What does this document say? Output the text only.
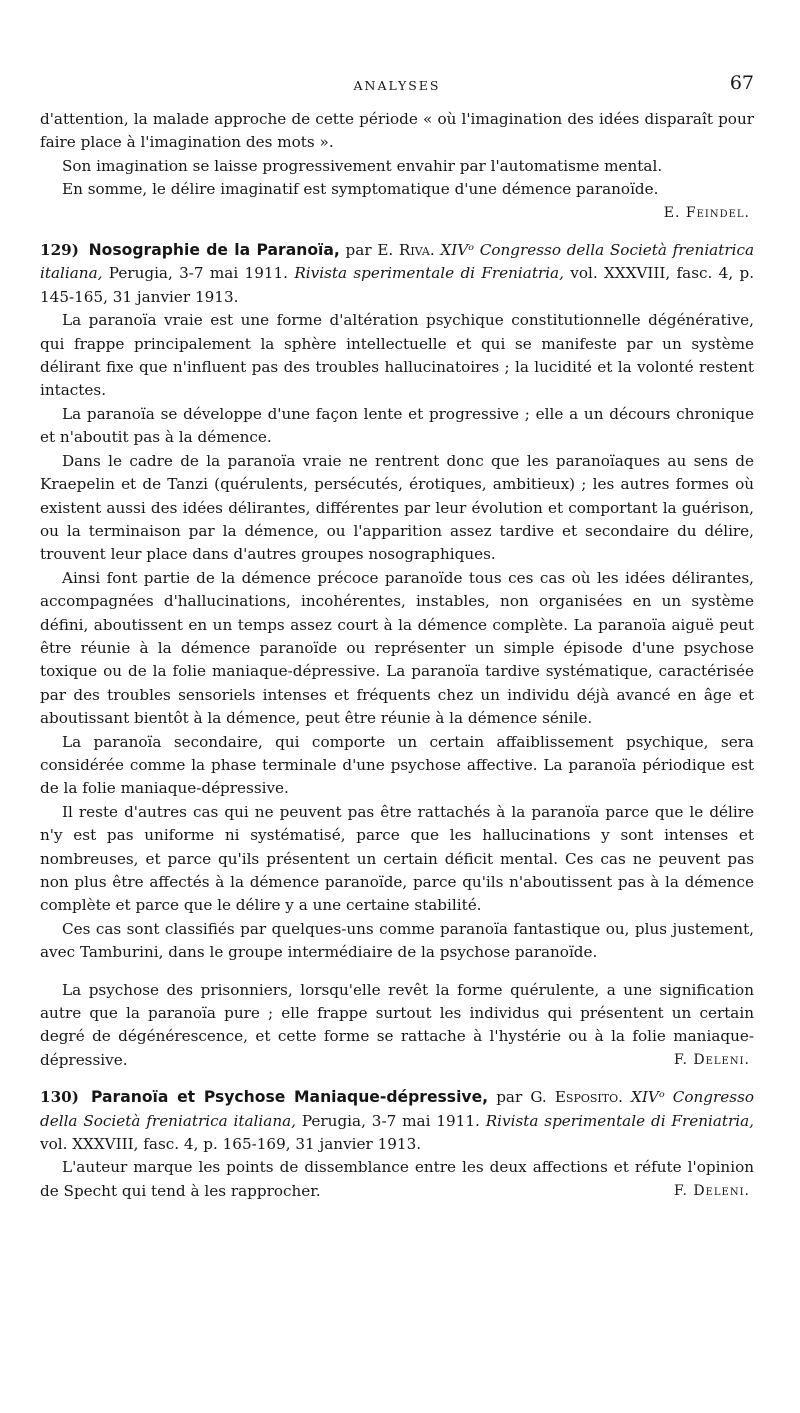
ANALYSES	67

d'attention, la malade approche de cette période « où l'imagination des idées disparaît pour faire place à l'imagination des mots ».

Son imagination se laisse progressivement envahir par l'automatisme mental.

En somme, le délire imaginatif est symptomatique d'une démence paranoïde.

E. Feindel.

129) Nosographie de la Paranoïa, par E. Riva. XIVᵒ Congresso della Società freniatrica italiana, Perugia, 3-7 mai 1911. Rivista sperimentale di Freniatria, vol. XXXVIII, fasc. 4, p. 145-165, 31 janvier 1913.

La paranoïa vraie est une forme d'altération psychique constitutionnelle dégénérative, qui frappe principalement la sphère intellectuelle et qui se manifeste par un système délirant fixe que n'influent pas des troubles hallucinatoires ; la lucidité et la volonté restent intactes.

La paranoïa se développe d'une façon lente et progressive ; elle a un décours chronique et n'aboutit pas à la démence.

Dans le cadre de la paranoïa vraie ne rentrent donc que les paranoïaques au sens de Kraepelin et de Tanzi (quérulents, persécutés, érotiques, ambitieux) ; les autres formes où existent aussi des idées délirantes, différentes par leur évolution et comportant la guérison, ou la terminaison par la démence, ou l'apparition assez tardive et secondaire du délire, trouvent leur place dans d'autres groupes nosographiques.

Ainsi font partie de la démence précoce paranoïde tous ces cas où les idées délirantes, accompagnées d'hallucinations, incohérentes, instables, non organisées en un système défini, aboutissent en un temps assez court à la démence complète. La paranoïa aiguë peut être réunie à la démence paranoïde ou représenter un simple épisode d'une psychose toxique ou de la folie maniaque-dépressive. La paranoïa tardive systématique, caractérisée par des troubles sensoriels intenses et fréquents chez un individu déjà avancé en âge et aboutissant bientôt à la démence, peut être réunie à la démence sénile.

La paranoïa secondaire, qui comporte un certain affaiblissement psychique, sera considérée comme la phase terminale d'une psychose affective. La paranoïa périodique est de la folie maniaque-dépressive.

Il reste d'autres cas qui ne peuvent pas être rattachés à la paranoïa parce que le délire n'y est pas uniforme ni systématisé, parce que les hallucinations y sont intenses et nombreuses, et parce qu'ils présentent un certain déficit mental. Ces cas ne peuvent pas non plus être affectés à la démence paranoïde, parce qu'ils n'aboutissent pas à la démence complète et parce que le délire y a une certaine stabilité.

Ces cas sont classifiés par quelques-uns comme paranoïa fantastique ou, plus justement, avec Tamburini, dans le groupe intermédiaire de la psychose paranoïde.

La psychose des prisonniers, lorsqu'elle revêt la forme quérulente, a une signification autre que la paranoïa pure ; elle frappe surtout les individus qui présentent un certain degré de dégénérescence, et cette forme se rattache à l'hystérie ou à la folie maniaque-dépressive.	F. Deleni.

130) Paranoïa et Psychose Maniaque-dépressive, par G. Esposito. XIVᵒ Congresso della Società freniatrica italiana, Perugia, 3-7 mai 1911. Rivista sperimentale di Freniatria, vol. XXXVIII, fasc. 4, p. 165-169, 31 janvier 1913.

L'auteur marque les points de dissemblance entre les deux affections et réfute l'opinion de Specht qui tend à les rapprocher.	F. Deleni.
